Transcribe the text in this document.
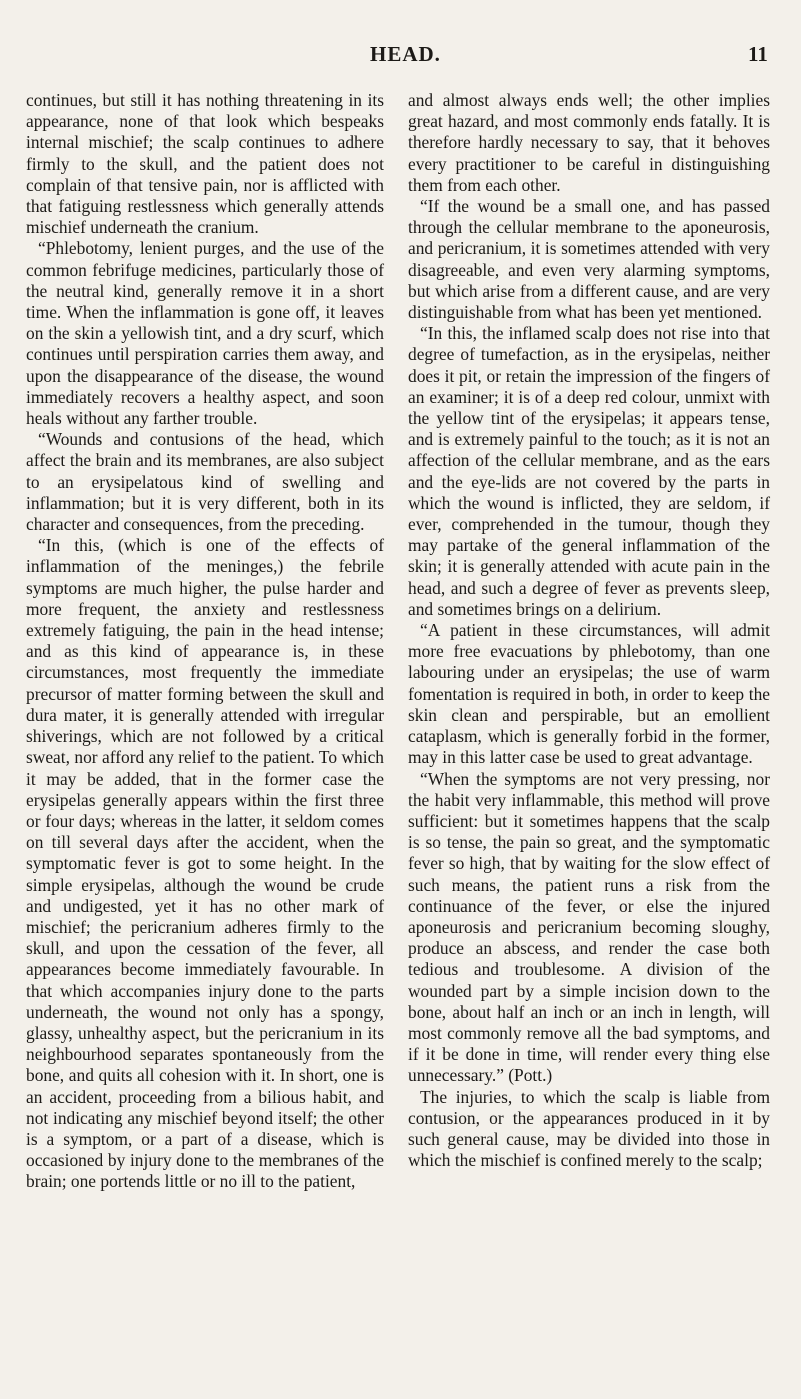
HEAD.	11

continues, but still it has nothing threatening in its appearance, none of that look which bespeaks internal mischief; the scalp continues to adhere firmly to the skull, and the patient does not complain of that tensive pain, nor is afflicted with that fatiguing restlessness which generally attends mischief underneath the cranium.

“Phlebotomy, lenient purges, and the use of the common febrifuge medicines, particularly those of the neutral kind, generally remove it in a short time. When the inflammation is gone off, it leaves on the skin a yellowish tint, and a dry scurf, which continues until perspiration carries them away, and upon the disappearance of the disease, the wound immediately recovers a healthy aspect, and soon heals without any farther trouble.

“Wounds and contusions of the head, which affect the brain and its membranes, are also subject to an erysipelatous kind of swelling and inflammation; but it is very different, both in its character and consequences, from the preceding.

“In this, (which is one of the effects of inflammation of the meninges,) the febrile symptoms are much higher, the pulse harder and more frequent, the anxiety and restlessness extremely fatiguing, the pain in the head intense; and as this kind of appearance is, in these circumstances, most frequently the immediate precursor of matter forming between the skull and dura mater, it is generally attended with irregular shiverings, which are not followed by a critical sweat, nor afford any relief to the patient. To which it may be added, that in the former case the erysipelas generally appears within the first three or four days; whereas in the latter, it seldom comes on till several days after the accident, when the symptomatic fever is got to some height. In the simple erysipelas, although the wound be crude and undigested, yet it has no other mark of mischief; the pericranium adheres firmly to the skull, and upon the cessation of the fever, all appearances become immediately favourable. In that which accompanies injury done to the parts underneath, the wound not only has a spongy, glassy, unhealthy aspect, but the pericranium in its neighbourhood separates spontaneously from the bone, and quits all cohesion with it. In short, one is an accident, proceeding from a bilious habit, and not indicating any mischief beyond itself; the other is a symptom, or a part of a disease, which is occasioned by injury done to the membranes of the brain; one portends little or no ill to the patient,

and almost always ends well; the other implies great hazard, and most commonly ends fatally. It is therefore hardly necessary to say, that it behoves every practitioner to be careful in distinguishing them from each other.

“If the wound be a small one, and has passed through the cellular membrane to the aponeurosis, and pericranium, it is sometimes attended with very disagreeable, and even very alarming symptoms, but which arise from a different cause, and are very distinguishable from what has been yet mentioned.

“In this, the inflamed scalp does not rise into that degree of tumefaction, as in the erysipelas, neither does it pit, or retain the impression of the fingers of an examiner; it is of a deep red colour, unmixt with the yellow tint of the erysipelas; it appears tense, and is extremely painful to the touch; as it is not an affection of the cellular membrane, and as the ears and the eye-lids are not covered by the parts in which the wound is inflicted, they are seldom, if ever, comprehended in the tumour, though they may partake of the general inflammation of the skin; it is generally attended with acute pain in the head, and such a degree of fever as prevents sleep, and sometimes brings on a delirium.

“A patient in these circumstances, will admit more free evacuations by phlebotomy, than one labouring under an erysipelas; the use of warm fomentation is required in both, in order to keep the skin clean and perspirable, but an emollient cataplasm, which is generally forbid in the former, may in this latter case be used to great advantage.

“When the symptoms are not very pressing, nor the habit very inflammable, this method will prove sufficient: but it sometimes happens that the scalp is so tense, the pain so great, and the symptomatic fever so high, that by waiting for the slow effect of such means, the patient runs a risk from the continuance of the fever, or else the injured aponeurosis and pericranium becoming sloughy, produce an abscess, and render the case both tedious and troublesome. A division of the wounded part by a simple incision down to the bone, about half an inch or an inch in length, will most commonly remove all the bad symptoms, and if it be done in time, will render every thing else unnecessary.” (Pott.)

The injuries, to which the scalp is liable from contusion, or the appearances produced in it by such general cause, may be divided into those in which the mischief is confined merely to the scalp;
